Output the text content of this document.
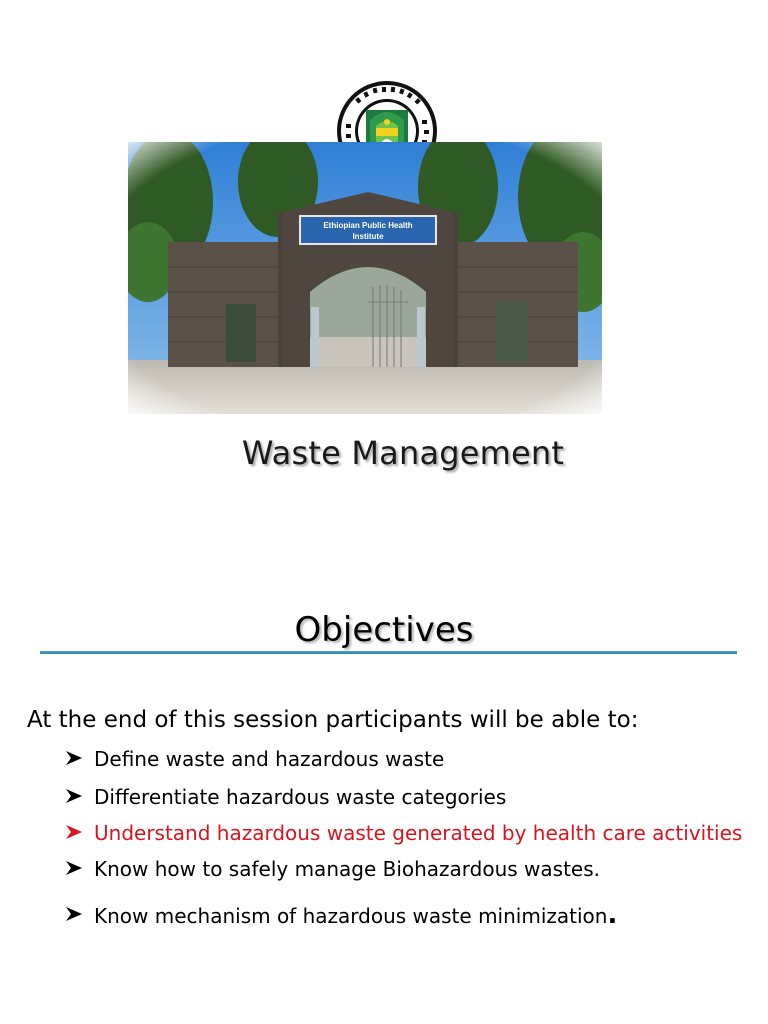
Waste Management
Objectives
At the end of this session participants will be able to:
Define waste and hazardous waste
Differentiate hazardous waste categories
Understand hazardous waste generated by health care activities
Know how to safely manage Biohazardous wastes.
Know mechanism of hazardous waste minimization.
